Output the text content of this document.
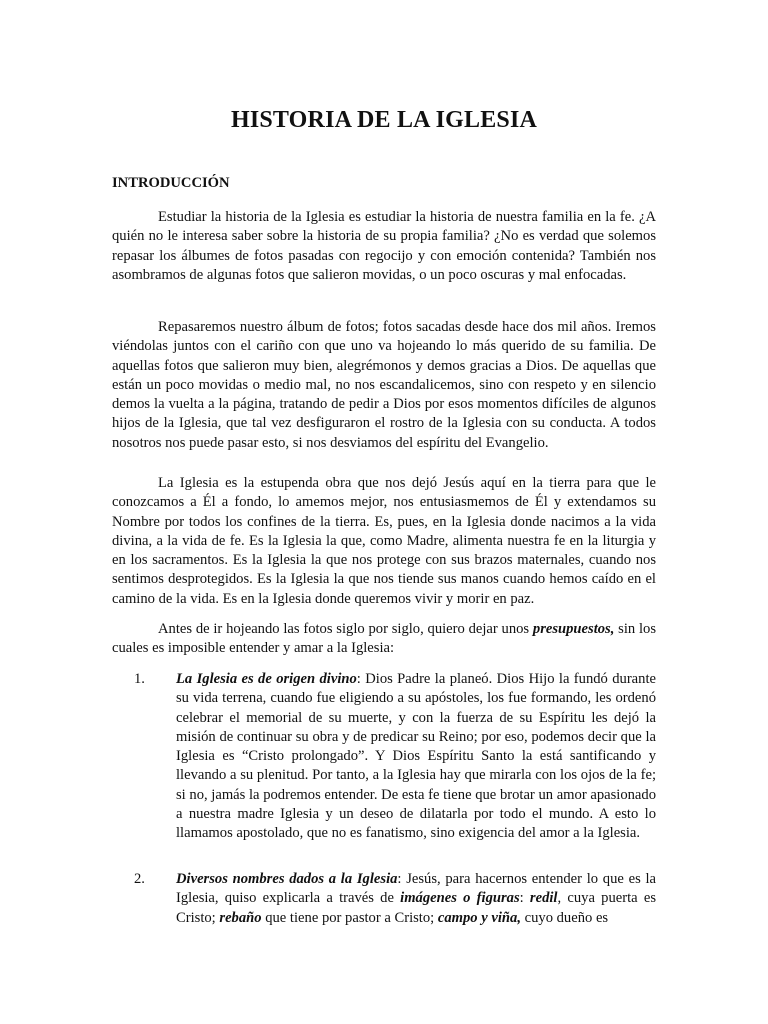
HISTORIA DE LA IGLESIA

INTRODUCCIÓN

Estudiar la historia de la Iglesia es estudiar la historia de nuestra familia en la fe. ¿A quién no le interesa saber sobre la historia de su propia familia? ¿No es verdad que solemos repasar los álbumes de fotos pasadas con regocijo y con emoción contenida? También nos asombramos de algunas fotos que salieron movidas, o un poco oscuras y mal enfocadas.

Repasaremos nuestro álbum de fotos; fotos sacadas desde hace dos mil años. Iremos viéndolas juntos con el cariño con que uno va hojeando lo más querido de su familia. De aquellas fotos que salieron muy bien, alegrémonos y demos gracias a Dios. De aquellas que están un poco movidas o medio mal, no nos escandalicemos, sino con respeto y en silencio demos la vuelta a la página, tratando de pedir a Dios por esos momentos difíciles de algunos hijos de la Iglesia, que tal vez desfiguraron el rostro de la Iglesia con su conducta. A todos nosotros nos puede pasar esto, si nos desviamos del espíritu del Evangelio.

La Iglesia es la estupenda obra que nos dejó Jesús aquí en la tierra para que le conozcamos a Él a fondo, lo amemos mejor, nos entusiasmemos de Él y extendamos su Nombre por todos los confines de la tierra. Es, pues, en la Iglesia donde nacimos a la vida divina, a la vida de fe. Es la Iglesia la que, como Madre, alimenta nuestra fe en la liturgia y en los sacramentos. Es la Iglesia la que nos protege con sus brazos maternales, cuando nos sentimos desprotegidos. Es la Iglesia la que nos tiende sus manos cuando hemos caído en el camino de la vida. Es en la Iglesia donde queremos vivir y morir en paz.

Antes de ir hojeando las fotos siglo por siglo, quiero dejar unos presupuestos, sin los cuales es imposible entender y amar a la Iglesia:

1. La Iglesia es de origen divino: Dios Padre la planeó. Dios Hijo la fundó durante su vida terrena, cuando fue eligiendo a su apóstoles, los fue formando, les ordenó celebrar el memorial de su muerte, y con la fuerza de su Espíritu les dejó la misión de continuar su obra y de predicar su Reino; por eso, podemos decir que la Iglesia es “Cristo prolongado”. Y Dios Espíritu Santo la está santificando y llevando a su plenitud. Por tanto, a la Iglesia hay que mirarla con los ojos de la fe; si no, jamás la podremos entender. De esta fe tiene que brotar un amor apasionado a nuestra madre Iglesia y un deseo de dilatarla por todo el mundo. A esto lo llamamos apostolado, que no es fanatismo, sino exigencia del amor a la Iglesia.

2. Diversos nombres dados a la Iglesia: Jesús, para hacernos entender lo que es la Iglesia, quiso explicarla a través de imágenes o figuras: redil, cuya puerta es Cristo; rebaño que tiene por pastor a Cristo; campo y viña, cuyo dueño es
